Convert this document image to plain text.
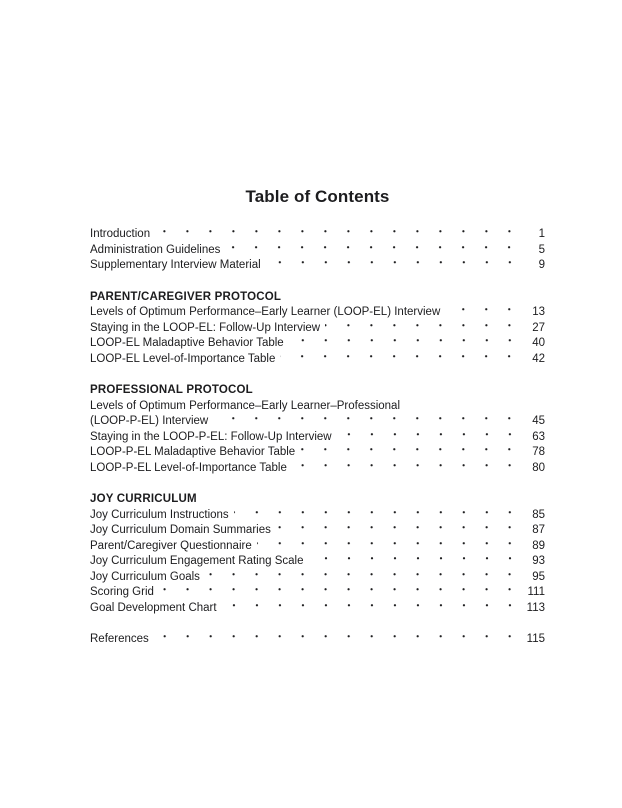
Table of Contents
Introduction	1
Administration Guidelines	5
Supplementary Interview Material	9
PARENT/CAREGIVER PROTOCOL
Levels of Optimum Performance–Early Learner (LOOP-EL) Interview	13
Staying in the LOOP-EL: Follow-Up Interview	27
LOOP-EL Maladaptive Behavior Table	40
LOOP-EL Level-of-Importance Table	42
PROFESSIONAL PROTOCOL
Levels of Optimum Performance–Early Learner–Professional
(LOOP-P-EL) Interview	45
Staying in the LOOP-P-EL: Follow-Up Interview	63
LOOP-P-EL Maladaptive Behavior Table	78
LOOP-P-EL Level-of-Importance Table	80
JOY CURRICULUM
Joy Curriculum Instructions	85
Joy Curriculum Domain Summaries	87
Parent/Caregiver Questionnaire	89
Joy Curriculum Engagement Rating Scale	93
Joy Curriculum Goals	95
Scoring Grid	111
Goal Development Chart	113
References	115
